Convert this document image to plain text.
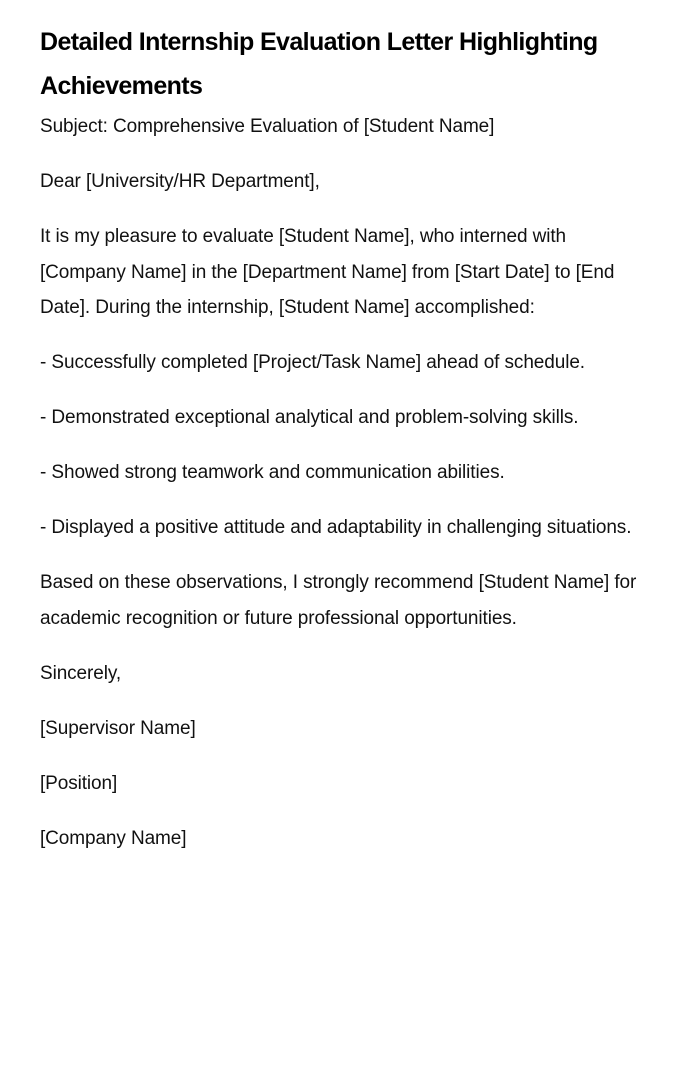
Detailed Internship Evaluation Letter Highlighting Achievements

Subject: Comprehensive Evaluation of [Student Name]

Dear [University/HR Department],

It is my pleasure to evaluate [Student Name], who interned with [Company Name] in the [Department Name] from [Start Date] to [End Date]. During the internship, [Student Name] accomplished:

- Successfully completed [Project/Task Name] ahead of schedule.

- Demonstrated exceptional analytical and problem-solving skills.

- Showed strong teamwork and communication abilities.

- Displayed a positive attitude and adaptability in challenging situations.

Based on these observations, I strongly recommend [Student Name] for academic recognition or future professional opportunities.

Sincerely,

[Supervisor Name]

[Position]

[Company Name]
